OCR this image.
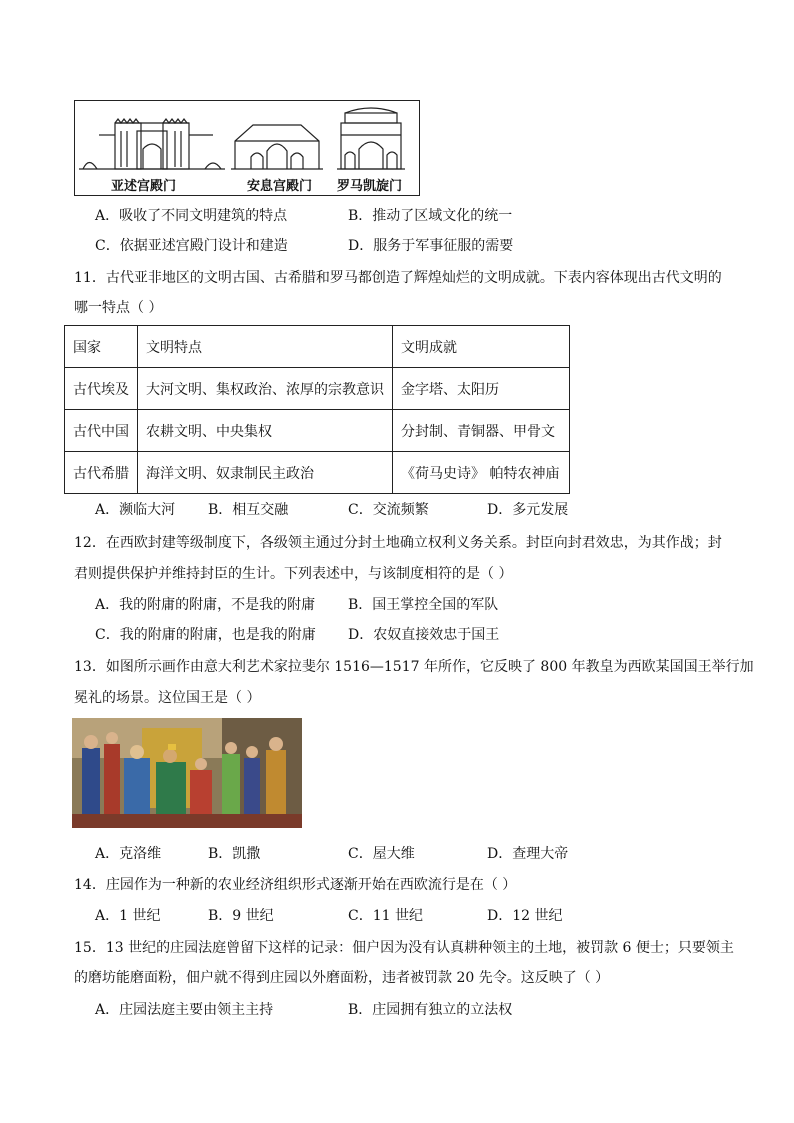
亚述宫殿门	安息宫殿门 罗马凯旋门
A．吸收了不同文明建筑的特点	B．推动了区域文化的统一
C．依据亚述宫殿门设计和建造	D．服务于军事征服的需要
11．古代亚非地区的文明古国、古希腊和罗马都创造了辉煌灿烂的文明成就。下表内容体现出古代文明的
哪一特点（ ）
国家	文明特点	文明成就
古代埃及	大河文明、集权政治、浓厚的宗教意识	金字塔、太阳历
古代中国	农耕文明、中央集权	分封制、青铜器、甲骨文
古代希腊	海洋文明、奴隶制民主政治	《荷马史诗》 帕特农神庙
A．濒临大河 B．相互交融	C．交流频繁	D．多元发展
12．在西欧封建等级制度下，各级领主通过分封土地确立权利义务关系。封臣向封君效忠，为其作战；封
君则提供保护并维持封臣的生计。下列表述中，与该制度相符的是（ ）
A．我的附庸的附庸，不是我的附庸 B．国王掌控全国的军队
C．我的附庸的附庸，也是我的附庸 D．农奴直接效忠于国王
13．如图所示画作由意大利艺术家拉斐尔 1516—1517 年所作，它反映了 800 年教皇为西欧某国国王举行加
冕礼的场景。这位国王是（ ）
A．克洛维	B．凯撒	C．屋大维	D．查理大帝
14．庄园作为一种新的农业经济组织形式逐渐开始在西欧流行是在（ ）
A．1 世纪	B．9 世纪	C．11 世纪	D．12 世纪
15．13 世纪的庄园法庭曾留下这样的记录：佃户因为没有认真耕种领主的土地，被罚款 6 便士；只要领主
的磨坊能磨面粉，佃户就不得到庄园以外磨面粉，违者被罚款 20 先令。这反映了（ ）
A．庄园法庭主要由领主主持	B．庄园拥有独立的立法权
